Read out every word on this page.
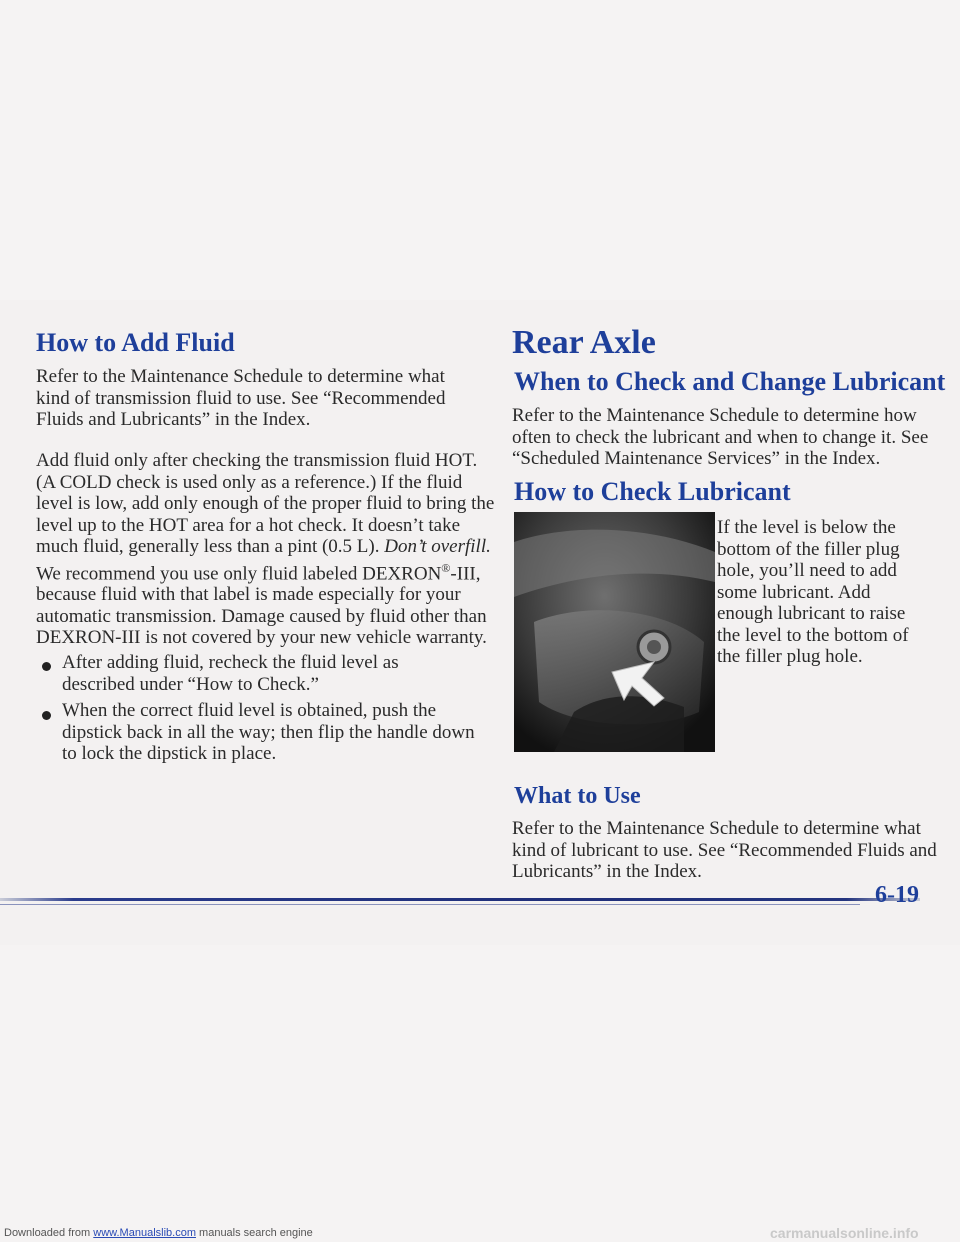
How to Add Fluid

Refer to the Maintenance Schedule to determine what kind of transmission fluid to use. See “Recommended Fluids and Lubricants” in the Index.

Add fluid only after checking the transmission fluid HOT. (A COLD check is used only as a reference.) If the fluid level is low, add only enough of the proper fluid to bring the level up to the HOT area for a hot check. It doesn’t take much fluid, generally less than a pint (0.5 L). Don’t overfill. We recommend you use only fluid labeled DEXRON®-III, because fluid with that label is made especially for your automatic transmission. Damage caused by fluid other than DEXRON-III is not covered by your new vehicle warranty.

After adding fluid, recheck the fluid level as described under “How to Check.”

When the correct fluid level is obtained, push the dipstick back in all the way; then flip the handle down to lock the dipstick in place.

Rear Axle
When to Check and Change Lubricant

Refer to the Maintenance Schedule to determine how often to check the lubricant and when to change it. See “Scheduled Maintenance Services” in the Index.

How to Check Lubricant

If the level is below the bottom of the filler plug hole, you’ll need to add some lubricant. Add enough lubricant to raise the level to the bottom of the filler plug hole.

What to Use

Refer to the Maintenance Schedule to determine what kind of lubricant to use. See “Recommended Fluids and Lubricants” in the Index.

6-19

Downloaded from www.Manualslib.com manuals search engine	carmanualsonline.info
